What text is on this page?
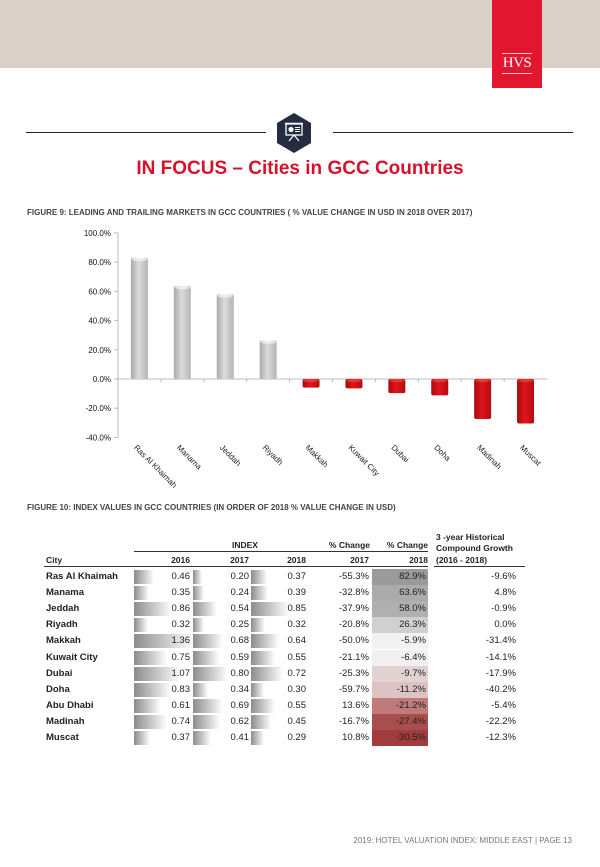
HVS
IN FOCUS – Cities in GCC Countries
FIGURE 9: LEADING AND TRAILING MARKETS IN GCC COUNTRIES ( % VALUE CHANGE IN USD IN 2018 OVER 2017)
100.0%
80.0%
60.0%
40.0%
20.0%
0.0%
-20.0%
-40.0%
Ras Al Khaimah
Manama Jeddah Riyadh Makkah Kuwait City Dubai	Doha	Madinah Muscat
FIGURE 10: INDEX VALUES IN GCC COUNTRIES (IN ORDER OF 2018 % VALUE CHANGE IN USD)
INDEX	% Change	% Change
3 -year Historical
Compound Growth
(2016 - 2018)
City	2016	2017	2018	2017	2018
Ras Al Khaimah	0.46	0.20	0.37	-55.3%	82.9%	-9.6%
Manama	0.35	0.24	0.39	-32.8%	63.6%	4.8%
Jeddah	0.86	0.54	0.85	-37.9%	58.0%	-0.9%
Riyadh	0.32	0.25	0.32	-20.8%	26.3%	0.0%
Makkah	1.36	0.68	0.64	-50.0%	-5.9%	-31.4%
Kuwait City	0.75	0.59	0.55	-21.1%	-6.4%	-14.1%
Dubai	1.07	0.80	0.72	-25.3%	-9.7%	-17.9%
Doha	0.83	0.34	0.30	-59.7%	-11.2%	-40.2%
Abu Dhabi	0.61	0.69	0.55	13.6%	-21.2%	-5.4%
Madinah	0.74	0.62	0.45	-16.7%	-27.4%	-22.2%
Muscat	0.37	0.41	0.29	10.8%	-30.5%	-12.3%
2019: HOTEL VALUATION INDEX: MIDDLE EAST | PAGE 13
